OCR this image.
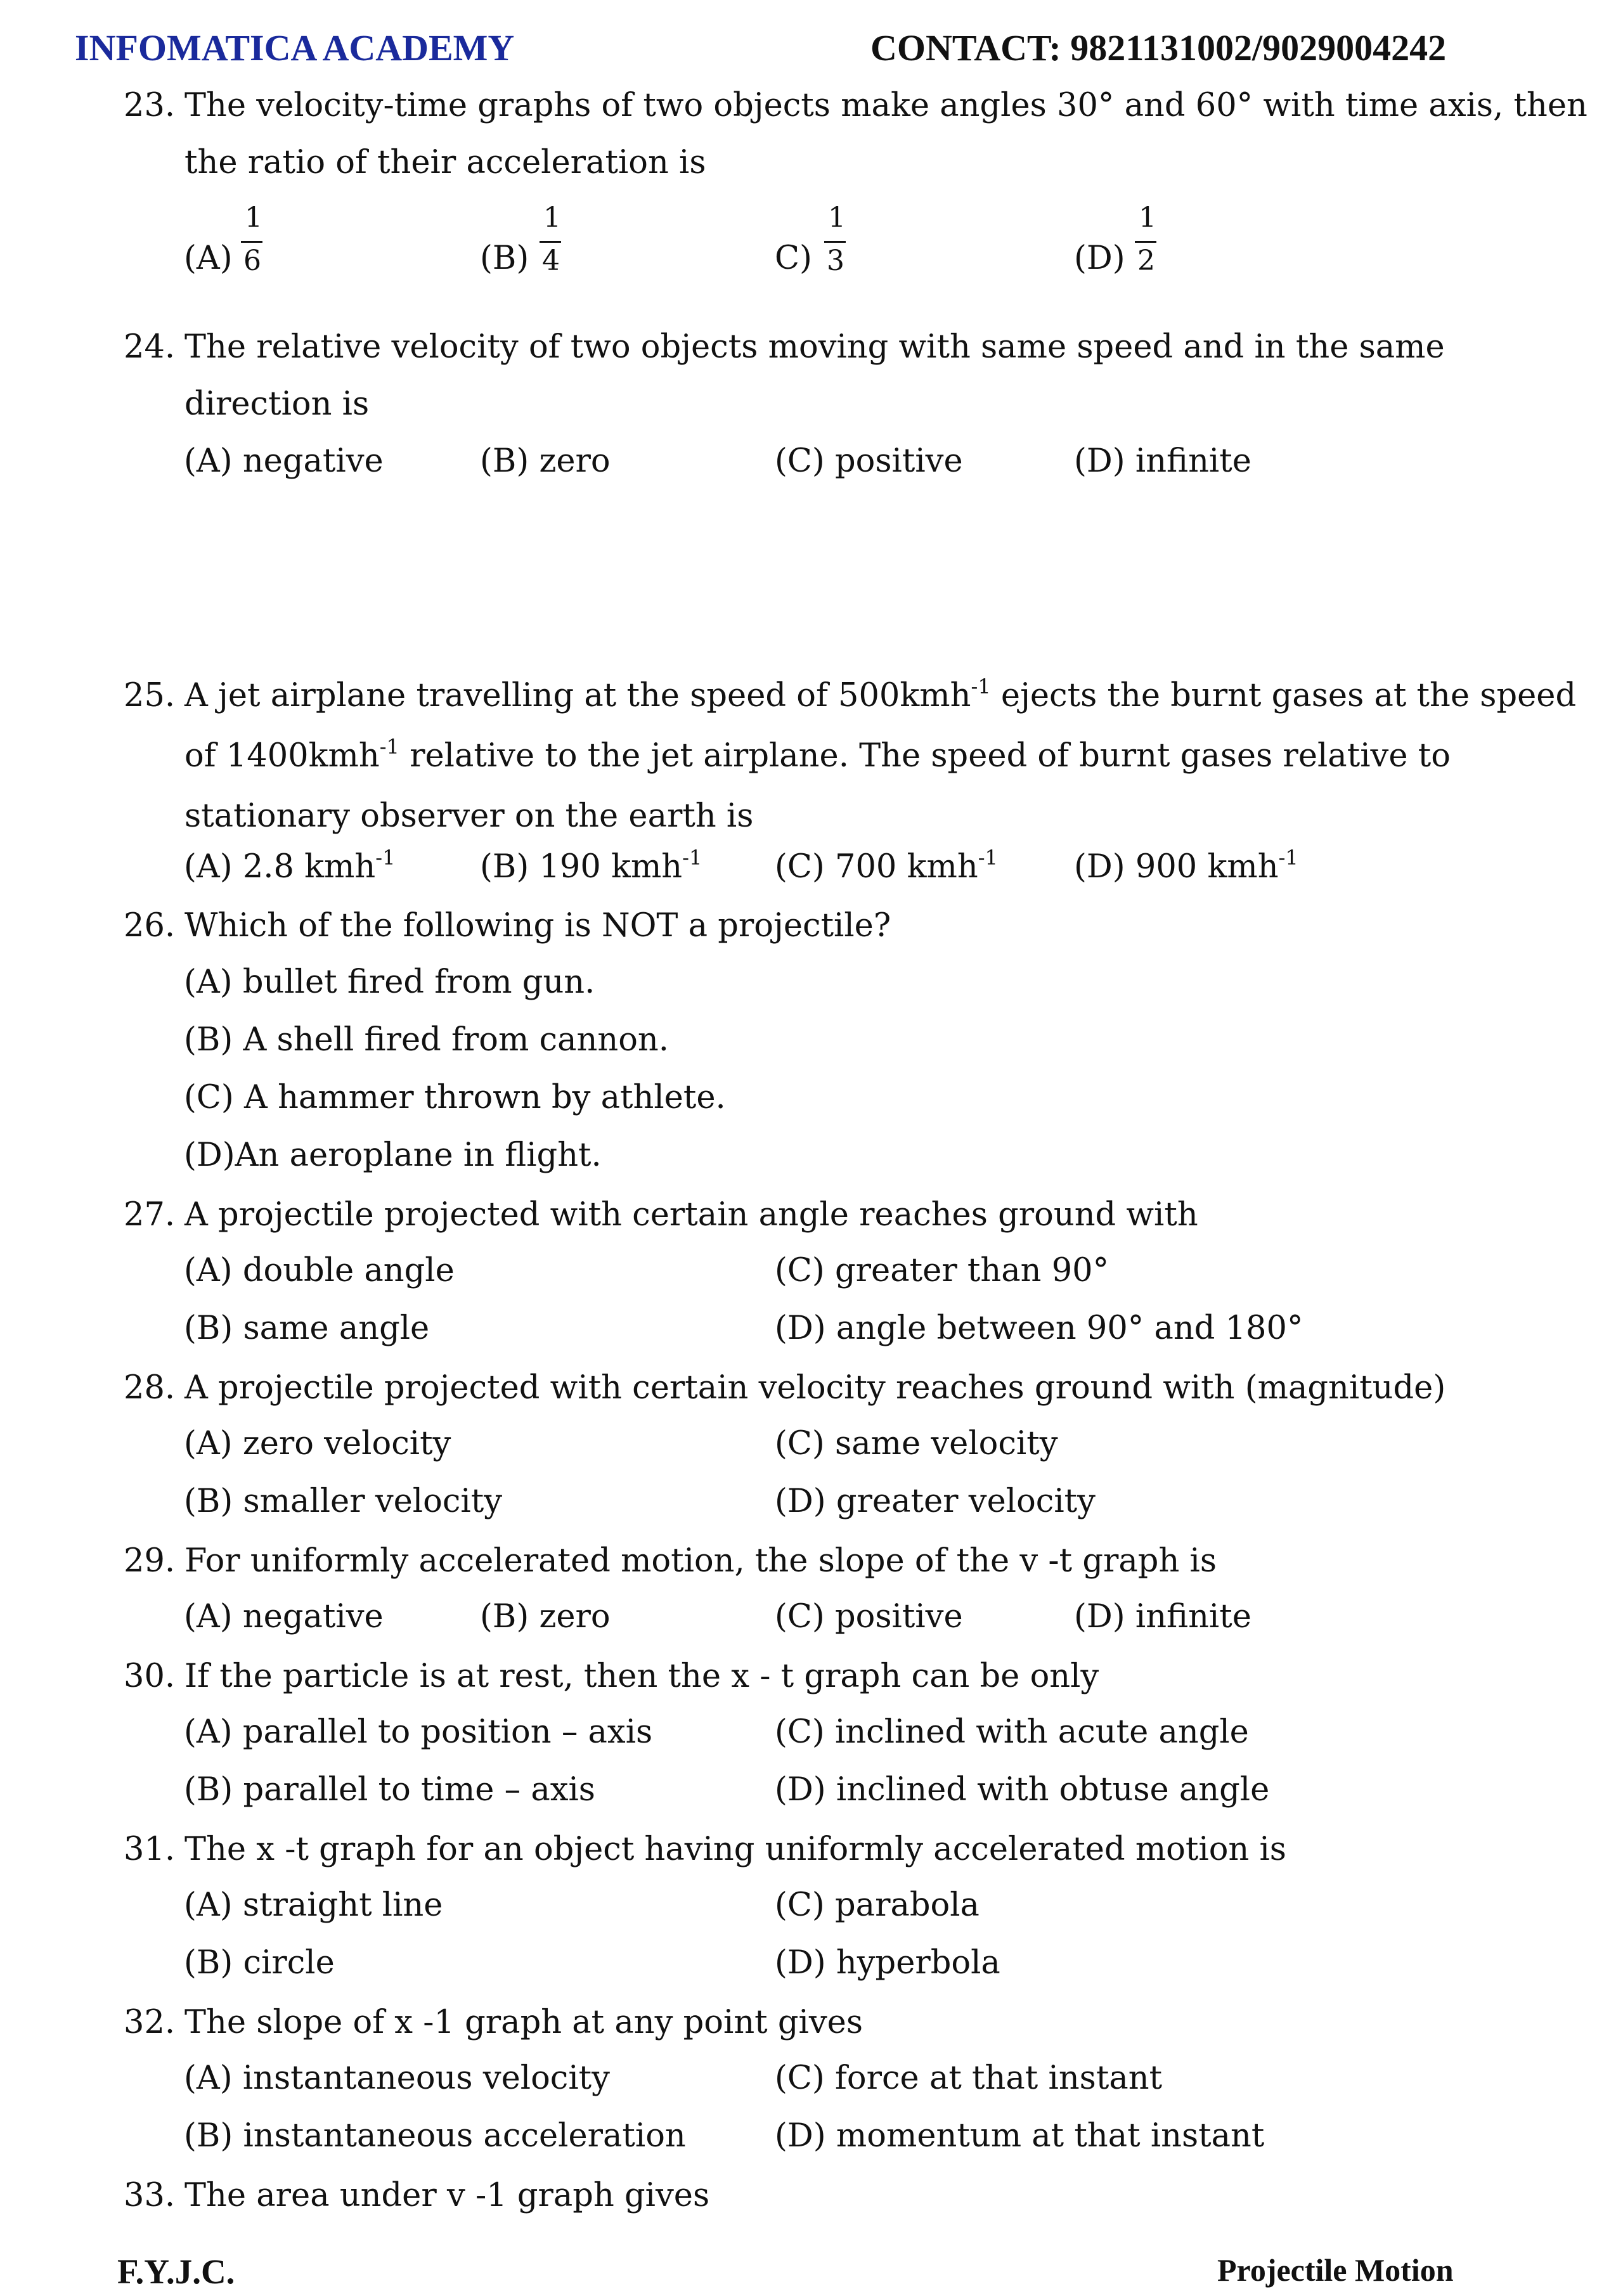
INFOMATICA ACADEMY	CONTACT: 9821131002/9029004242
23. The velocity-time graphs of two objects make angles 30° and 60° with time axis, then
the ratio of their acceleration is
(A)
1
6	(B)
1
4	C)
1
3	(D)
1
2
24. The relative velocity of two objects moving with same speed and in the same
direction is
(A) negative	(B) zero	(C) positive	(D) infinite
25. A jet airplane travelling at the speed of 500kmh$^{-1}$ ejects the burnt gases at the speed
of 1400kmh$^{-1}$ relative to the jet airplane. The speed of burnt gases relative to
stationary observer on the earth is
(A) 2.8 kmh$^{-1}$	(B) 190 kmh$^{-1}$ (C) 700 kmh$^{-1}$ (D) 900 kmh$^{-1}$
26. Which of the following is NOT a projectile?
(A) bullet fired from gun.
(B) A shell fired from cannon.
(C) A hammer thrown by athlete.
(D)An aeroplane in flight.
27. A projectile projected with certain angle reaches ground with
(A) double angle	(C) greater than 90°
(B) same angle	(D) angle between 90° and 180°
28. A projectile projected with certain velocity reaches ground with (magnitude)
(A) zero velocity	(C) same velocity
(B) smaller velocity	(D) greater velocity
29. For uniformly accelerated motion, the slope of the v -t graph is
(A) negative	(B) zero	(C) positive	(D) infinite
30. If the particle is at rest, then the x - t graph can be only
(A) parallel to position – axis	(C) inclined with acute angle
(B) parallel to time – axis	(D) inclined with obtuse angle
31. The x -t graph for an object having uniformly accelerated motion is
(A) straight line	(C) parabola
(B) circle	(D) hyperbola
32. The slope of x -1 graph at any point gives
(A) instantaneous velocity	(C) force at that instant
(B) instantaneous acceleration	(D) momentum at that instant
33. The area under v -1 graph gives
F.Y.J.C.	Projectile Motion
